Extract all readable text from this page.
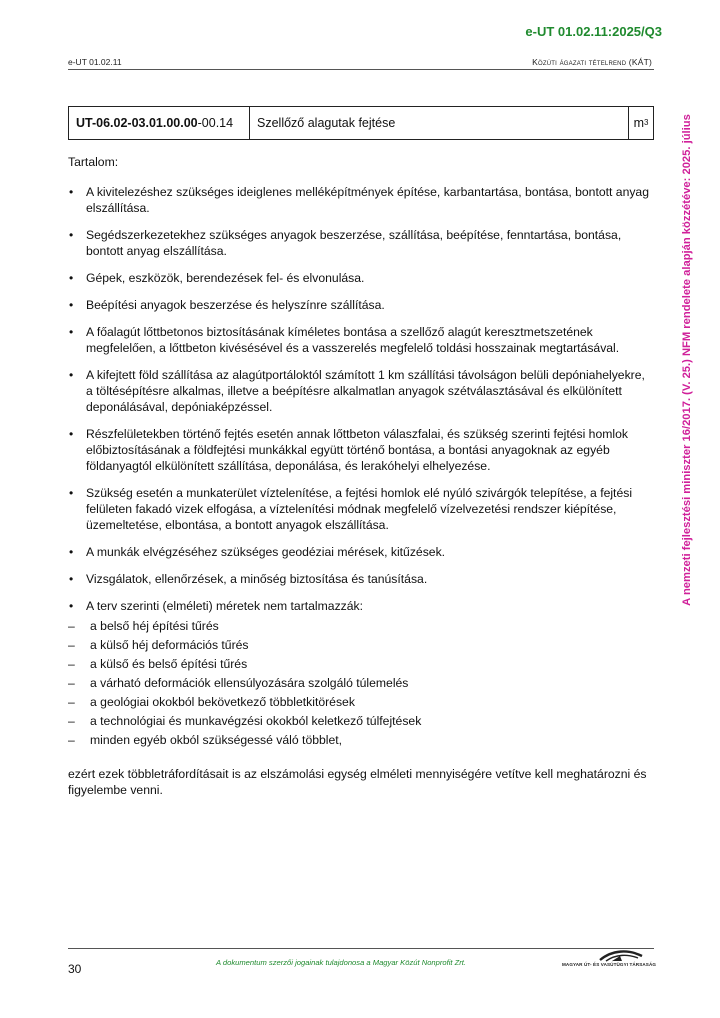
e-UT 01.02.11:2025/Q3
e-UT 01.02.11	Közúti ágazati tételrend (KÁT)
UT-06.02-03.01.00.00 -00.14	Szellőző alagutak fejtése	m 3

Tartalom:

• A kivitelezéshez szükséges ideiglenes melléképítmények építése, karbantartása, bontása, bontott anyag elszállítása.
• Segédszerkezetekhez szükséges anyagok beszerzése, szállítása, beépítése, fenntartása, bontása, bontott anyag elszállítása.
• Gépek, eszközök, berendezések fel- és elvonulása.
• Beépítési anyagok beszerzése és helyszínre szállítása.
• A főalagút lőttbetonos biztosításának kíméletes bontása a szellőző alagút keresztmetszetének megfelelően, a lőttbeton kivésésével és a vasszerelés megfelelő toldási hosszainak megtartásával.
• A kifejtett föld szállítása az alagútportáloktól számított 1 km szállítási távolságon belüli depóniahelyekre, a töltésépítésre alkalmas, illetve a beépítésre alkalmatlan anyagok szétválasztásával és elkülönített deponálásával, depóniaképzéssel.
• Részfelületekben történő fejtés esetén annak lőttbeton válaszfalai, és szükség szerinti fejtési homlok előbiztosításának a földfejtési munkákkal együtt történő bontása, a bontási anyagoknak az egyéb földanyagtól elkülönített szállítása, deponálása, és lerakóhelyi elhelyezése.
• Szükség esetén a munkaterület víztelenítése, a fejtési homlok elé nyúló szivárgók telepítése, a fejtési felületen fakadó vizek elfogása, a víztelenítési módnak megfelelő vízelvezetési rendszer kiépítése, üzemeltetése, elbontása, a bontott anyagok elszállítása.
• A munkák elvégzéséhez szükséges geodéziai mérések, kitűzések.
• Vizsgálatok, ellenőrzések, a minőség biztosítása és tanúsítása.
• A terv szerinti (elméleti) méretek nem tartalmazzák:
– a belső héj építési tűrés
– a külső héj deformációs tűrés
– a külső és belső építési tűrés
– a várható deformációk ellensúlyozására szolgáló túlemelés
– a geológiai okokból bekövetkező többletkitörések
– a technológiai és munkavégzési okokból keletkező túlfejtések
– minden egyéb okból szükségessé váló többlet,

ezért ezek többletráfordításait is az elszámolási egység elméleti mennyiségére vetítve kell meghatározni és figyelembe venni.

A nemzeti fejlesztési miniszter 16/2017. (V. 25.) NFM rendelete alapján közzétéve: 2025. július
30	A dokumentum szerzői jogainak tulajdonosa a Magyar Közút Nonprofit Zrt.	MAGYAR ÚT- ÉS VASÚTÜGYI TÁRSASÁG
